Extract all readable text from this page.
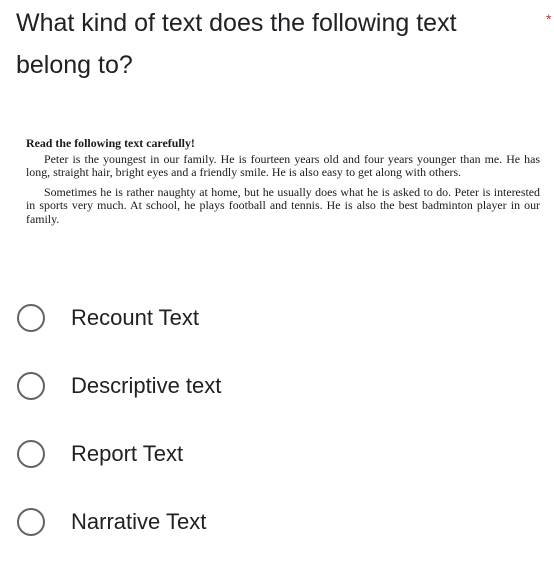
What kind of text does the following text belong to?
*
Read the following text carefully!

Peter is the youngest in our family. He is fourteen years old and four years younger than me. He has long, straight hair, bright eyes and a friendly smile. He is also easy to get along with others.

Sometimes he is rather naughty at home, but he usually does what he is asked to do. Peter is interested in sports very much. At school, he plays football and tennis. He is also the best badminton player in our family.

Recount Text
Descriptive text
Report Text
Narrative Text
